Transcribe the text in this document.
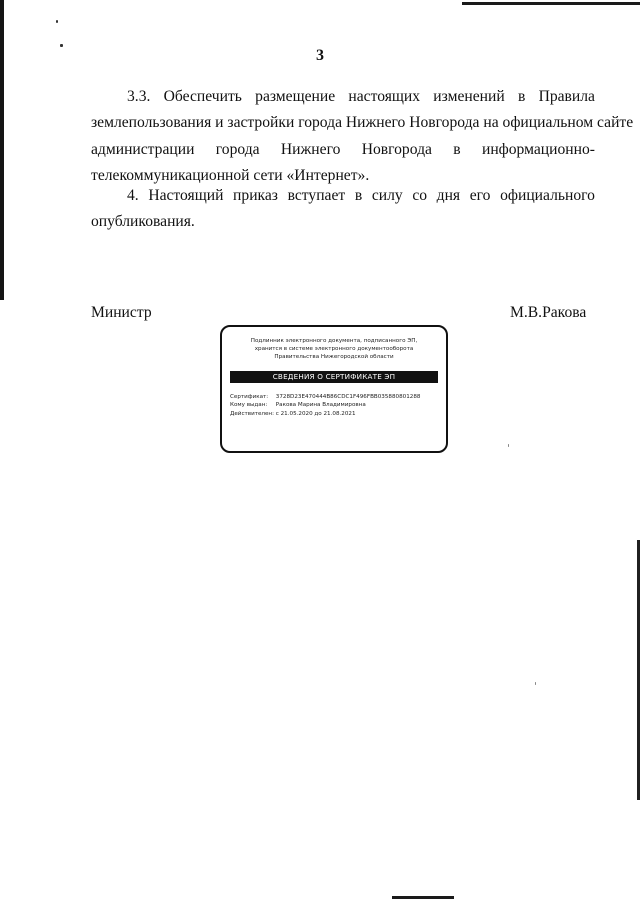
3
3.3. Обеспечить размещение настоящих изменений в Правила
землепользования и застройки города Нижнего Новгорода на официальном сайте
администрации города Нижнего Новгорода в информационно-
телекоммуникационной сети «Интернет».
4. Настоящий приказ вступает в силу со дня его официального
опубликования.
Министр	М.В.Ракова
Подлинник электронного документа, подписанного ЭП,
хранится в системе электронного документооборота
Правительства Нижегородской области
СВЕДЕНИЯ О СЕРТИФИКАТЕ ЭП
Сертификат: 3728D23E470444B86CDC1F496FBB035880801288
Кому выдан: Ракова Марина Владимировна
Действителен: с 21.05.2020 до 21.08.2021
